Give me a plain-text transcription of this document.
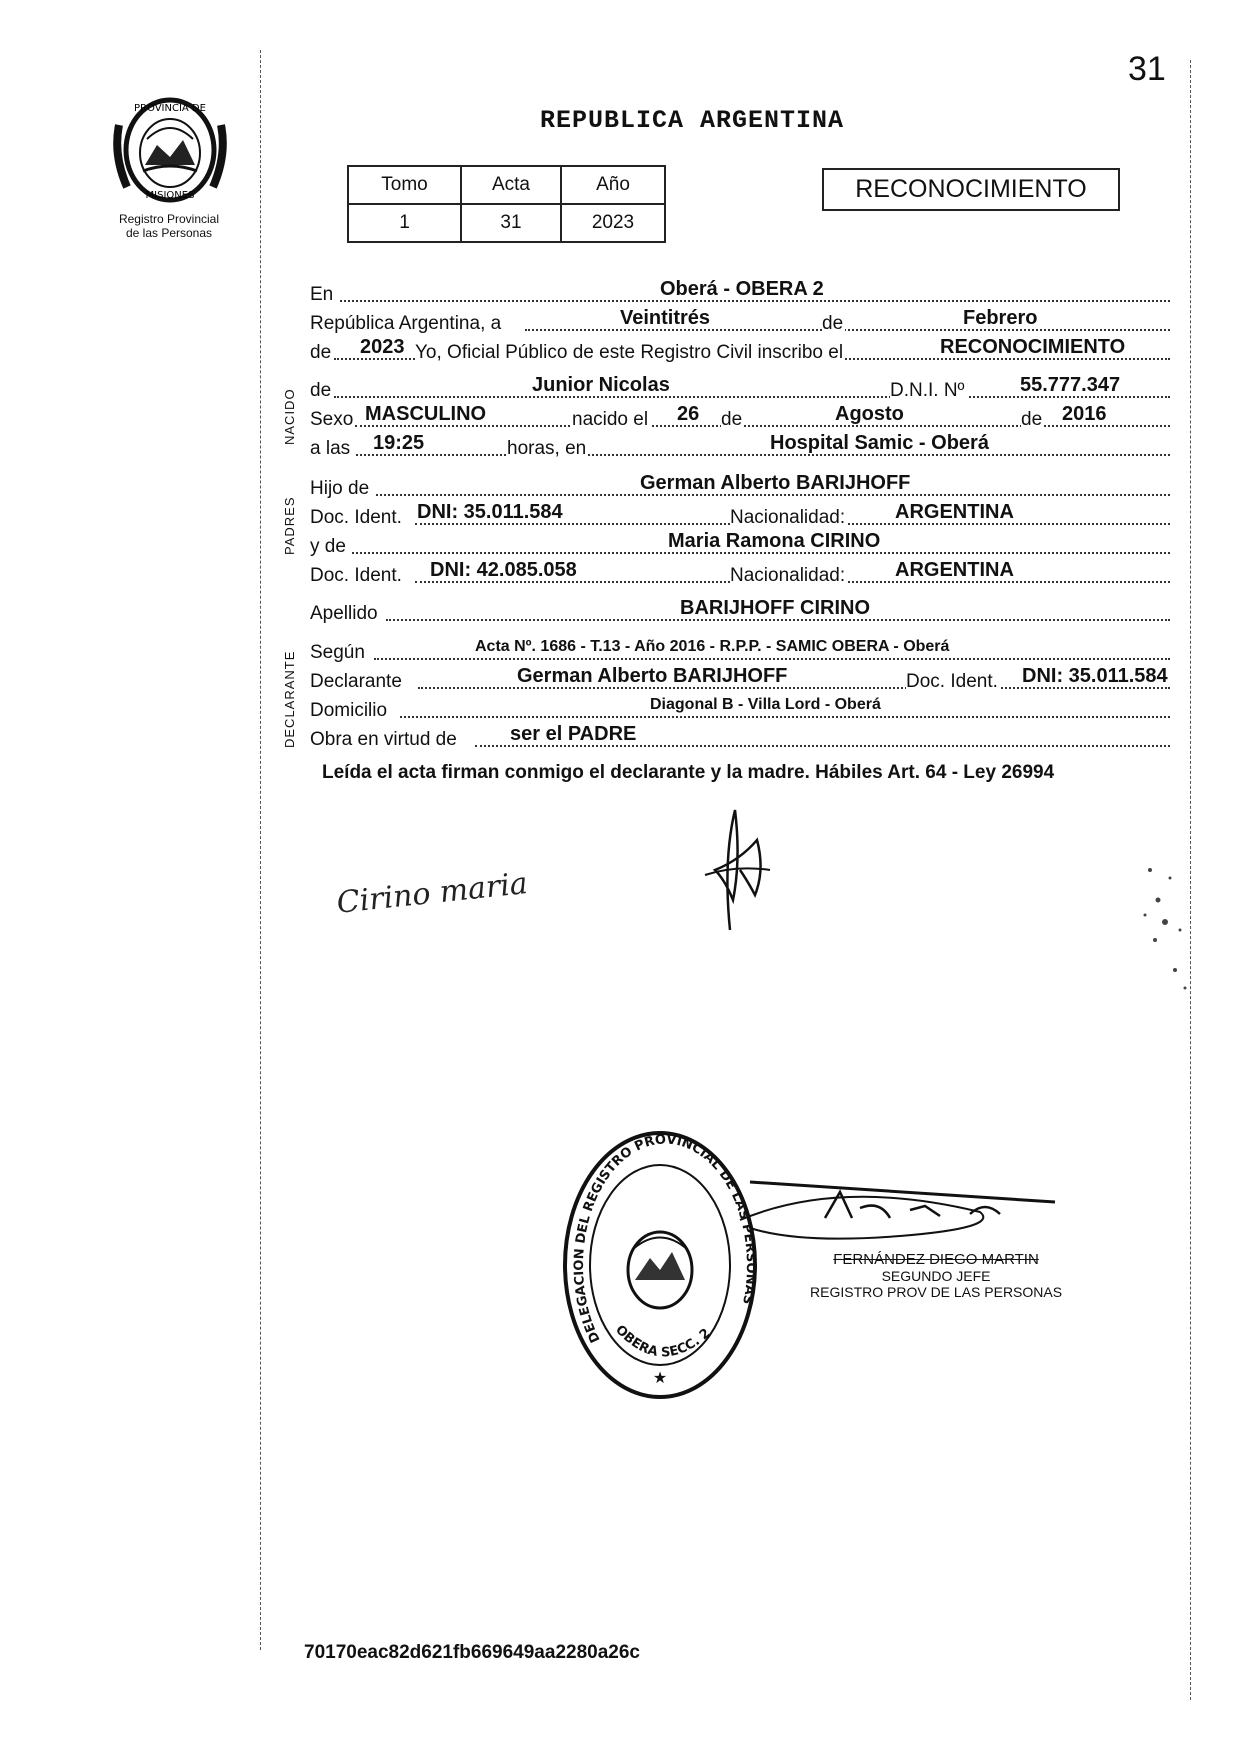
31
PROVINCIA DE
MISIONES
Registro Provincial
de las Personas
REPUBLICA ARGENTINA
Tomo	Acta	Año
1	31	2023
RECONOCIMIENTO
NACIDO
PADRES
DECLARANTE
En	Oberá - OBERA 2
República Argentina, a	Veintitrés	de	Febrero
de 2023 Yo, Oficial Público de este Registro Civil inscribo el	RECONOCIMIENTO
de	Junior Nicolas	D.N.I. Nº	55.777.347
Sexo MASCULINO	nacido el 26 de	Agosto	de 2016
a las 19:25	horas, en	Hospital Samic - Oberá
Hijo de	German Alberto BARIJHOFF
Doc. Ident. DNI: 35.011.584	Nacionalidad: ARGENTINA
y de	Maria Ramona CIRINO
Doc. Ident. DNI: 42.085.058	Nacionalidad: ARGENTINA
Apellido	BARIJHOFF CIRINO
Según	Acta Nº. 1686 - T.13 - Año 2016 - R.P.P. - SAMIC OBERA - Oberá
Declarante	German Alberto BARIJHOFF	Doc. Ident. DNI: 35.011.584
Domicilio	Diagonal B - Villa Lord - Oberá
Obra en virtud de	ser el PADRE
Leída el acta firman conmigo el declarante y la madre. Hábiles Art. 64 - Ley 26994
Cirino maria
DELEGACION DEL REGISTRO PROVINCIAL DE LAS PERSONAS
OBERA SECC. 2
★
FERNÁNDEZ DIEGO MARTIN
SEGUNDO JEFE
REGISTRO PROV DE LAS PERSONAS
70170eac82d621fb669649aa2280a26c
